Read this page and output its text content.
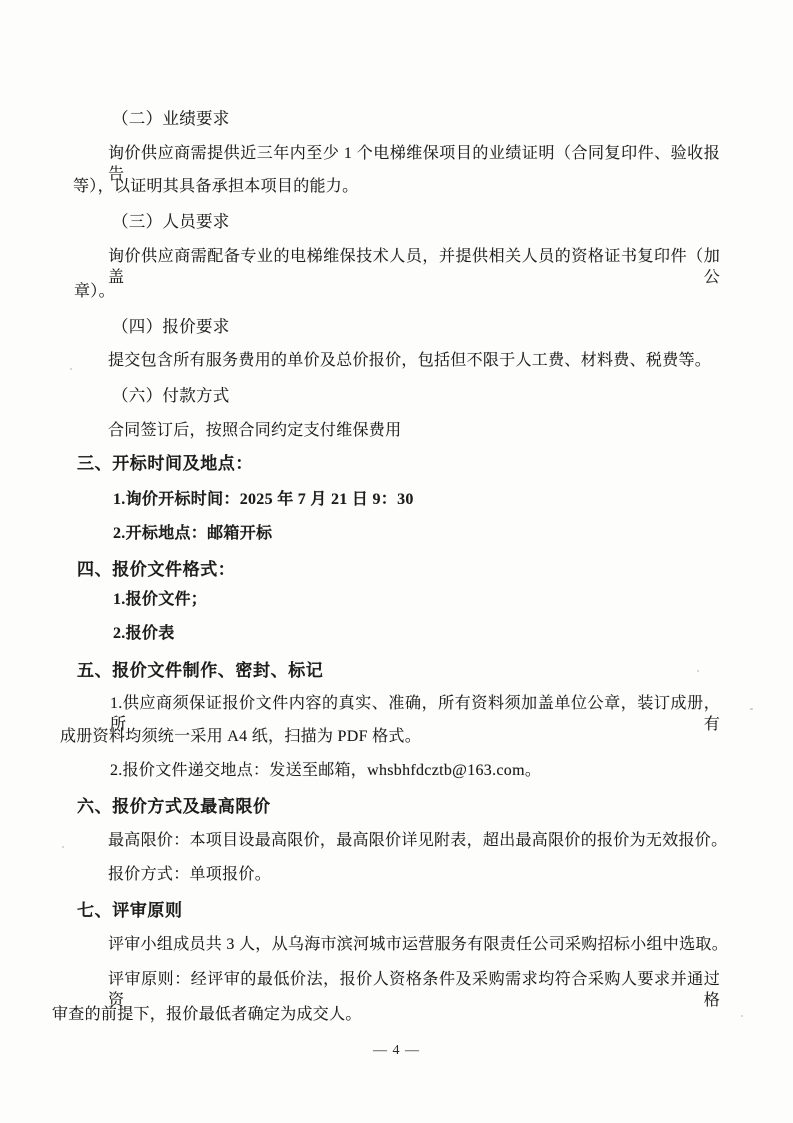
（二）业绩要求
询价供应商需提供近三年内至少 1 个电梯维保项目的业绩证明（合同复印件、验收报告
等），以证明其具备承担本项目的能力。
（三）人员要求
询价供应商需配备专业的电梯维保技术人员，并提供相关人员的资格证书复印件（加盖公
章）。
（四）报价要求
提交包含所有服务费用的单价及总价报价，包括但不限于人工费、材料费、税费等。
（六）付款方式
合同签订后，按照合同约定支付维保费用
三、开标时间及地点：
1.询价开标时间：2025 年 7 月 21 日 9：30
2.开标地点：邮箱开标
四、报价文件格式：
1.报价文件；
2.报价表
五、报价文件制作、密封、标记
1.供应商须保证报价文件内容的真实、准确，所有资料须加盖单位公章，装订成册，所有
成册资料均须统一采用 A4 纸，扫描为 PDF 格式。
2.报价文件递交地点：发送至邮箱，whsbhfdcztb@163.com。
六、报价方式及最高限价
最高限价：本项目设最高限价，最高限价详见附表，超出最高限价的报价为无效报价。
报价方式：单项报价。
七、评审原则
评审小组成员共 3 人，从乌海市滨河城市运营服务有限责任公司采购招标小组中选取。
评审原则：经评审的最低价法，报价人资格条件及采购需求均符合采购人要求并通过资格
审查的前提下，报价最低者确定为成交人。
— 4 —
